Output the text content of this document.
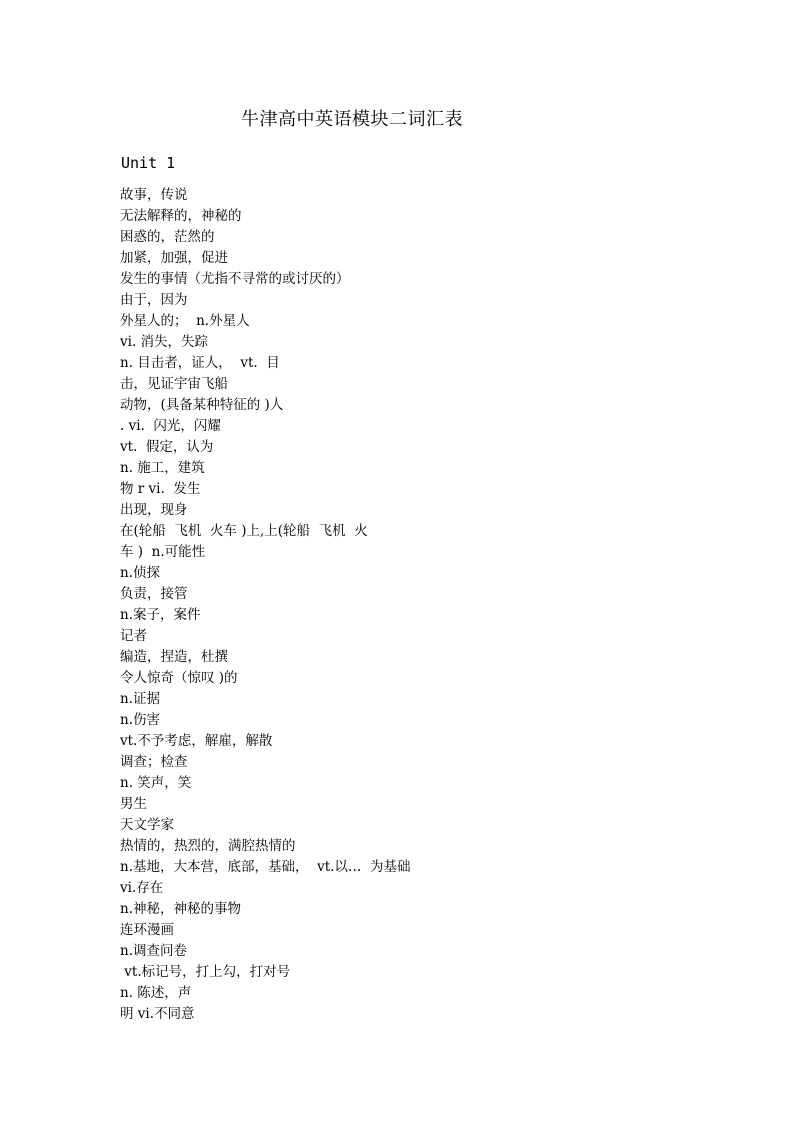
牛津高中英语模块二词汇表
Unit 1
故事，传说
无法解释的，神秘的
困惑的，茫然的
加紧，加强，促进
发生的事情（尤指不寻常的或讨厌的）
由于，因为
外星人的；  n.外星人
vi. 消失，失踪
n. 目击者，证人，  vt.  目
击，见证宇宙飞船
动物，(具备某种特征的 )人
. vi.  闪光，闪耀
vt.  假定，认为
n. 施工，建筑
物 r vi.  发生
出现，现身
在(轮船  飞机  火车 )上,上(轮船  飞机  火
车 )  n.可能性
n.侦探
负责，接管
n.案子，案件
记者
编造，捏造，杜撰
令人惊奇（惊叹 )的
n.证据
n.伤害
vt.不予考虑，解雇，解散
调查；检查
n. 笑声，笑
男生
天文学家
热情的，热烈的，满腔热情的
n.基地，大本营，底部，基础，  vt.以…  为基础
vi.存在
n.神秘，神秘的事物
连环漫画
n.调查问卷
vt.标记号，打上勾，打对号
n. 陈述，声
明 vi.不同意
